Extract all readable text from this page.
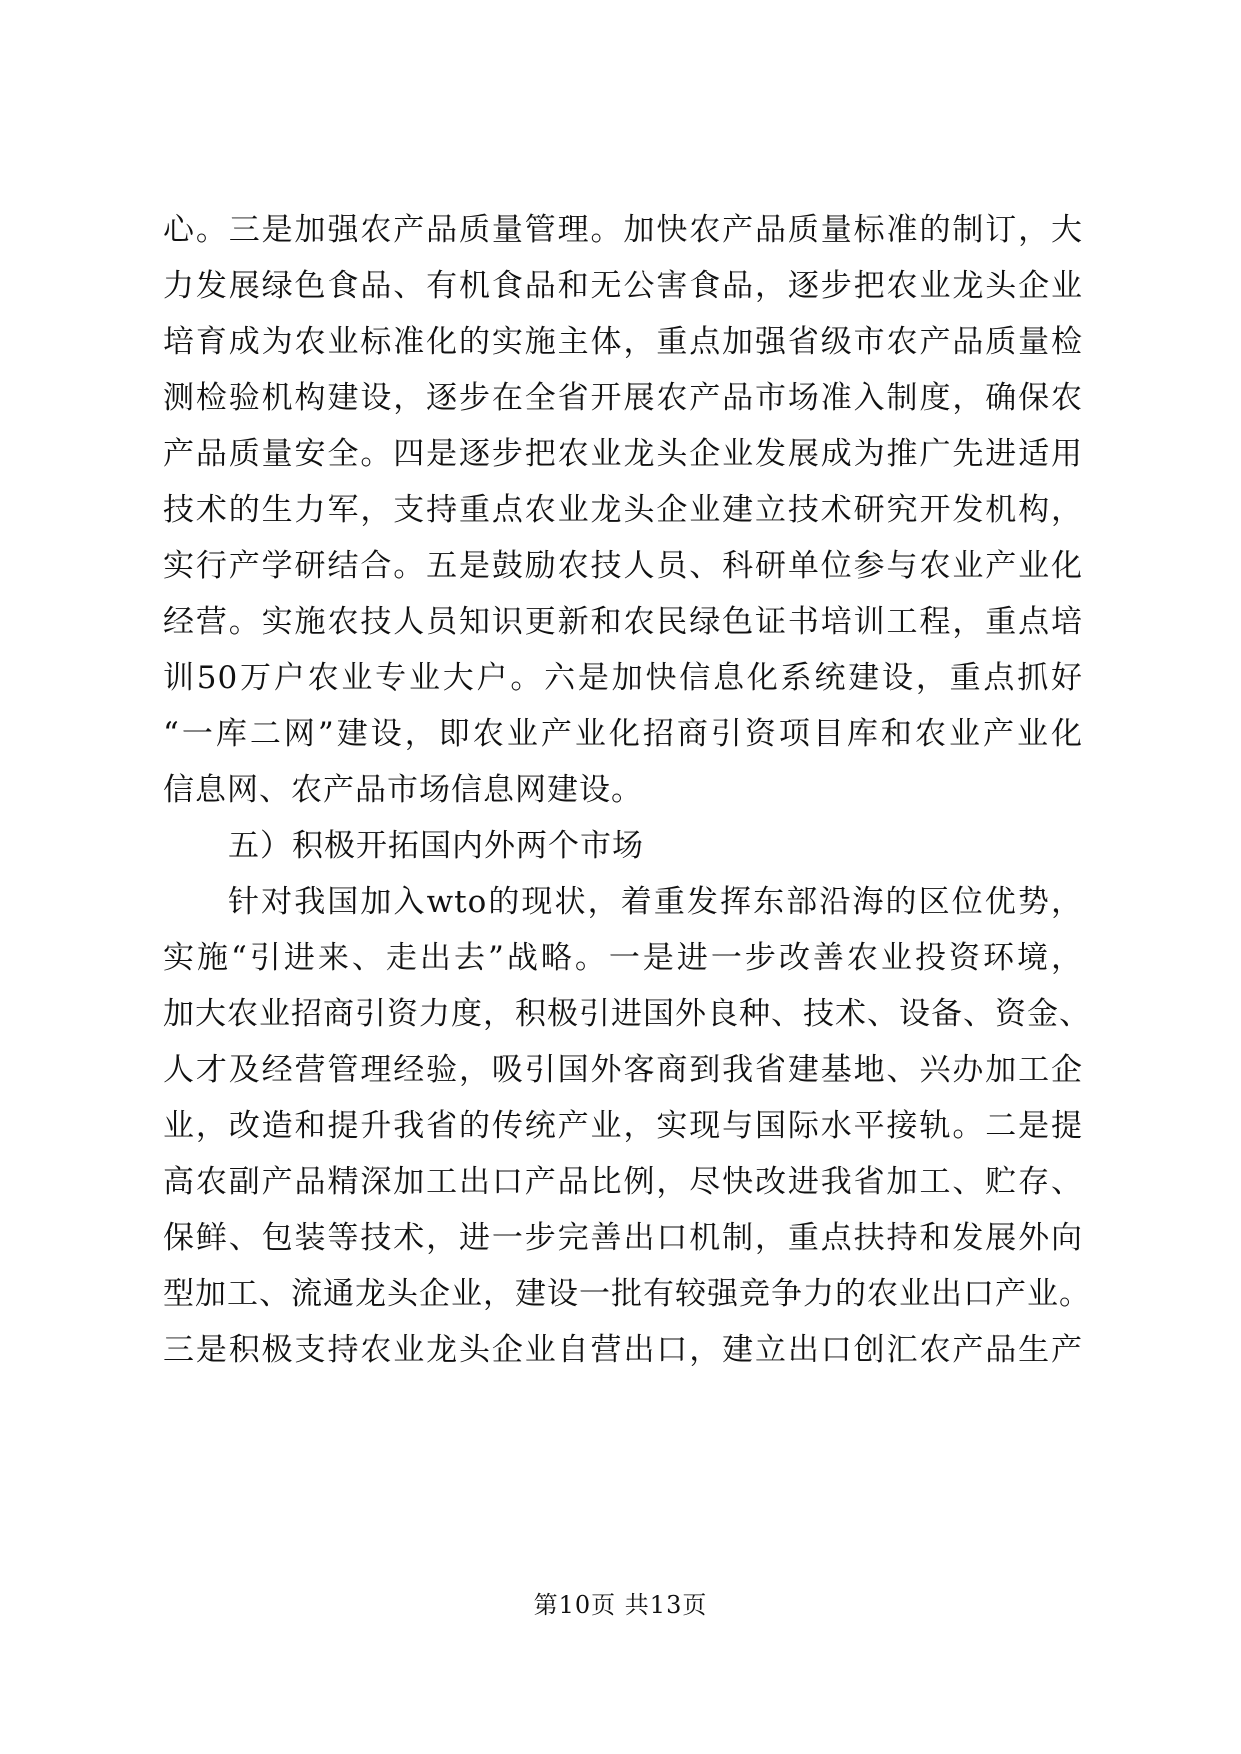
心。三是加强农产品质量管理。加快农产品质量标准的制订，大
力发展绿色食品、有机食品和无公害食品，逐步把农业龙头企业
培育成为农业标准化的实施主体，重点加强省级市农产品质量检
测检验机构建设，逐步在全省开展农产品市场准入制度，确保农
产品质量安全。四是逐步把农业龙头企业发展成为推广先进适用
技术的生力军，支持重点农业龙头企业建立技术研究开发机构，
实行产学研结合。五是鼓励农技人员、科研单位参与农业产业化
经营。实施农技人员知识更新和农民绿色证书培训工程，重点培
训50万户农业专业大户。六是加快信息化系统建设，重点抓好
“一库二网”建设，即农业产业化招商引资项目库和农业产业化
信息网、农产品市场信息网建设。
五）积极开拓国内外两个市场
针对我国加入wto的现状，着重发挥东部沿海的区位优势，
实施“引进来、走出去”战略。一是进一步改善农业投资环境，
加大农业招商引资力度，积极引进国外良种、技术、设备、资金、
人才及经营管理经验，吸引国外客商到我省建基地、兴办加工企
业，改造和提升我省的传统产业，实现与国际水平接轨。二是提
高农副产品精深加工出口产品比例，尽快改进我省加工、贮存、
保鲜、包装等技术，进一步完善出口机制，重点扶持和发展外向
型加工、流通龙头企业，建设一批有较强竞争力的农业出口产业。
三是积极支持农业龙头企业自营出口，建立出口创汇农产品生产
第10页 共13页
